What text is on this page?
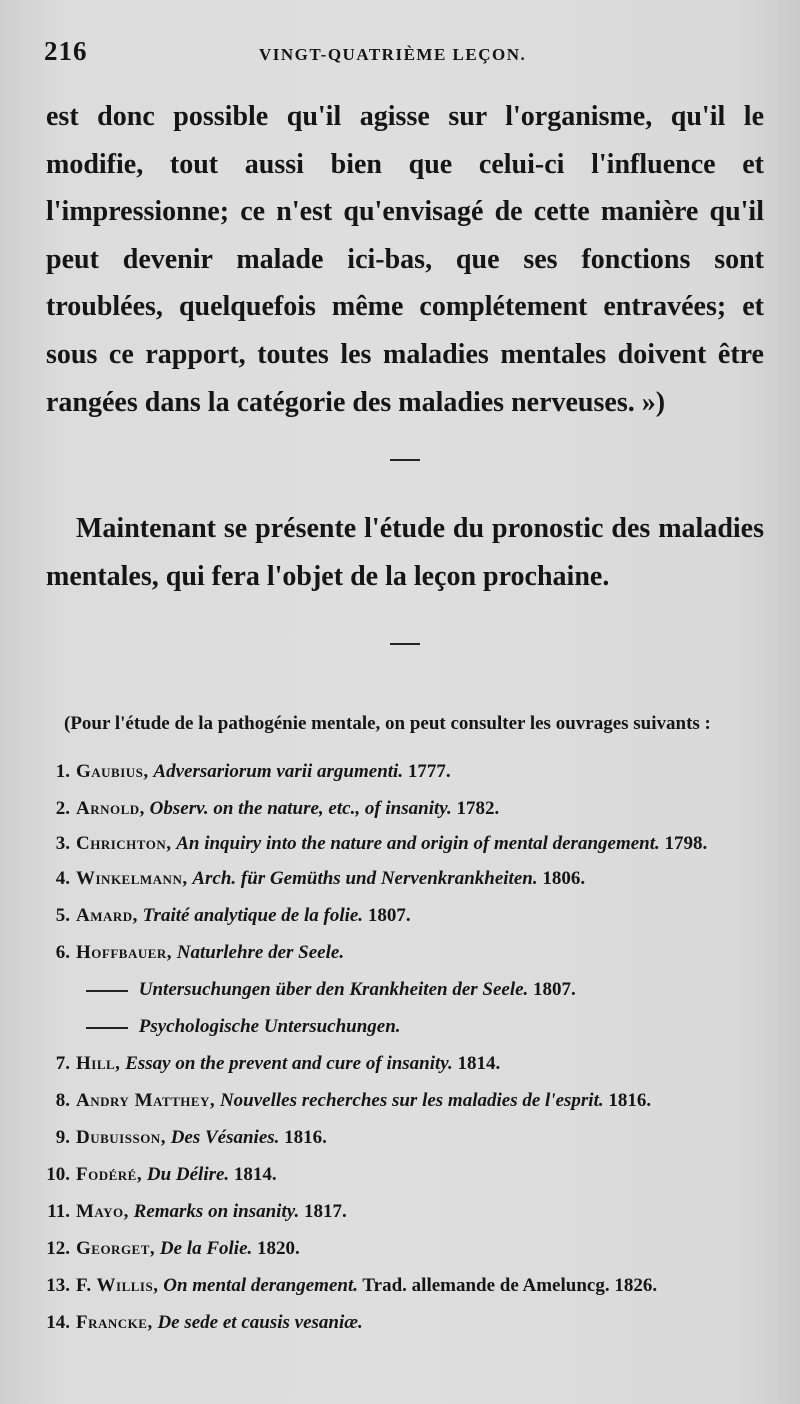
216	VINGT-QUATRIÈME LEÇON.

est donc possible qu'il agisse sur l'organisme, qu'il le modifie, tout aussi bien que celui-ci l'influence et l'impressionne; ce n'est qu'envisagé de cette manière qu'il peut devenir malade ici-bas, que ses fonctions sont troublées, quelquefois même complétement entravées; et sous ce rapport, toutes les maladies mentales doivent être rangées dans la catégorie des maladies nerveuses. »)

Maintenant se présente l'étude du pronostic des maladies mentales, qui fera l'objet de la leçon prochaine.

(Pour l'étude de la pathogénie mentale, on peut consulter les ouvrages suivants :

1. Gaubius, Adversariorum varii argumenti. 1777.
2. Arnold, Observ. on the nature, etc., of insanity. 1782.
3. Chrichton, An inquiry into the nature and origin of mental derangement. 1798.
4. Winkelmann, Arch. für Gemüths und Nervenkrankheiten. 1806.
5. Amard, Traité analytique de la folie. 1807.
6. Hoffbauer, Naturlehre der Seele.
Untersuchungen über den Krankheiten der Seele. 1807.
Psychologische Untersuchungen.
7. Hill, Essay on the prevent and cure of insanity. 1814.
8. Andry Matthey, Nouvelles recherches sur les maladies de l'esprit. 1816.
9. Dubuisson, Des Vésanies. 1816.
10. Fodéré, Du Délire. 1814.
11. Mayo, Remarks on insanity. 1817.
12. Georget, De la Folie. 1820.
13. F. Willis, On mental derangement. Trad. allemande de Ameluncg. 1826.
14. Francke, De sede et causis vesaniæ.
